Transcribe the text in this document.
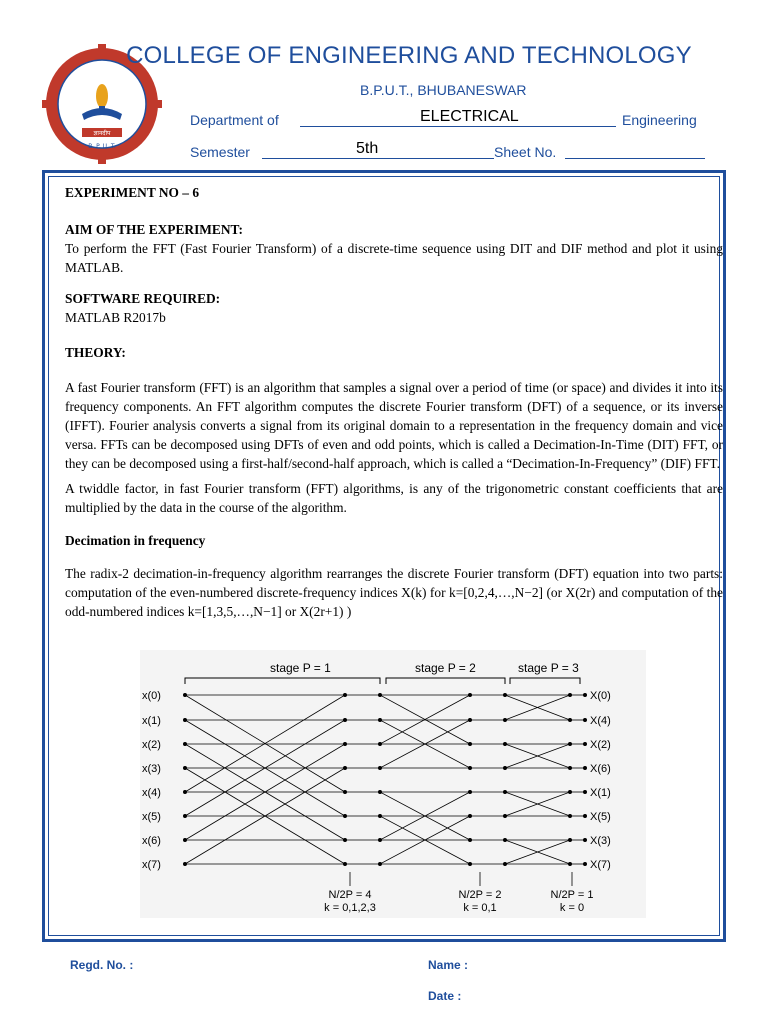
ज्ञानदीप
B. P. U. T.
COLLEGE OF ENGINEERING AND TECHNOLOGY
B.P.U.T., BHUBANESWAR
Department of	ELECTRICAL	Engineering
Semester	5th	Sheet No.

EXPERIMENT NO – 6

AIM OF THE EXPERIMENT:

To perform the FFT (Fast Fourier Transform) of a discrete-time sequence using DIT and DIF method and plot it using MATLAB.

SOFTWARE REQUIRED:

MATLAB R2017b

THEORY:

A fast Fourier transform (FFT) is an algorithm that samples a signal over a period of time (or space) and divides it into its frequency components. An FFT algorithm computes the discrete Fourier transform (DFT) of a sequence, or its inverse (IFFT). Fourier analysis converts a signal from its original domain to a representation in the frequency domain and vice versa. FFTs can be decomposed using DFTs of even and odd points, which is called a Decimation-In-Time (DIT) FFT, or they can be decomposed using a first-half/second-half approach, which is called a “Decimation-In-Frequency” (DIF) FFT.

A twiddle factor, in fast Fourier transform (FFT) algorithms, is any of the trigonometric constant coefficients that are multiplied by the data in the course of the algorithm.

Decimation in frequency

The radix-2 decimation-in-frequency algorithm rearranges the discrete Fourier transform (DFT) equation into two parts: computation of the even-numbered discrete-frequency indices X(k) for k=[0,2,4,…,N−2] (or X(2r) and computation of the odd-numbered indices k=[1,3,5,…,N−1] or X(2r+1) )

stage P = 1	stage P = 2	stage P = 3
x(0)
x(1)
x(2)
x(3)
x(4)
x(5)
x(6)
x(7)
X(0)
X(4)
X(2)
X(6)
X(1)
X(5)
X(3)
X(7)
N/2P = 4
k = 0,1,2,3
N/2P = 2
k = 0,1
N/2P = 1
k = 0
Regd. No. :	Name :
Date :
